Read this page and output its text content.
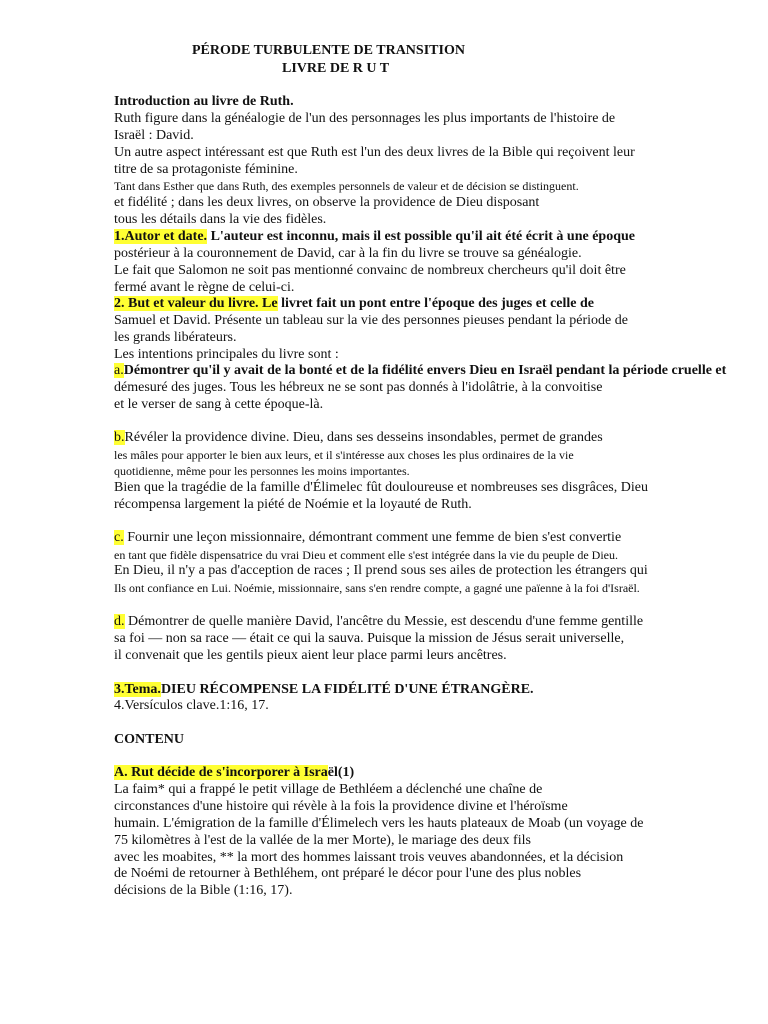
PÉRODE TURBULENTE DE TRANSITION
LIVRE DE R U T
Introduction au livre de Ruth.
Ruth figure dans la généalogie de l'un des personnages les plus importants de l'histoire de
Israël : David.
Un autre aspect intéressant est que Ruth est l'un des deux livres de la Bible qui reçoivent leur
titre de sa protagoniste féminine.
Tant dans Esther que dans Ruth, des exemples personnels de valeur et de décision se distinguent.
et fidélité ; dans les deux livres, on observe la providence de Dieu disposant
tous les détails dans la vie des fidèles.
1.Autor et date. L'auteur est inconnu, mais il est possible qu'il ait été écrit à une époque
postérieur à la couronnement de David, car à la fin du livre se trouve sa généalogie.
Le fait que Salomon ne soit pas mentionné convainc de nombreux chercheurs qu'il doit être
fermé avant le règne de celui-ci.
2. But et valeur du livre. Le livret fait un pont entre l'époque des juges et celle de
Samuel et David. Présente un tableau sur la vie des personnes pieuses pendant la période de
les grands libérateurs.
Les intentions principales du livre sont :
a.Démontrer qu'il y avait de la bonté et de la fidélité envers Dieu en Israël pendant la période cruelle et
démesuré des juges. Tous les hébreux ne se sont pas donnés à l'idolâtrie, à la convoitise
et le verser de sang à cette époque-là.
b.Révéler la providence divine. Dieu, dans ses desseins insondables, permet de grandes
les mâles pour apporter le bien aux leurs, et il s'intéresse aux choses les plus ordinaires de la vie
quotidienne, même pour les personnes les moins importantes.
Bien que la tragédie de la famille d'Élimelec fût douloureuse et nombreuses ses disgrâces, Dieu
récompensa largement la piété de Noémie et la loyauté de Ruth.
c. Fournir une leçon missionnaire, démontrant comment une femme de bien s'est convertie
en tant que fidèle dispensatrice du vrai Dieu et comment elle s'est intégrée dans la vie du peuple de Dieu.
En Dieu, il n'y a pas d'acception de races ; Il prend sous ses ailes de protection les étrangers qui
Ils ont confiance en Lui. Noémie, missionnaire, sans s'en rendre compte, a gagné une païenne à la foi d'Israël.
d. Démontrer de quelle manière David, l'ancêtre du Messie, est descendu d'une femme gentille
sa foi — non sa race — était ce qui la sauva. Puisque la mission de Jésus serait universelle,
il convenait que les gentils pieux aient leur place parmi leurs ancêtres.
3.Tema.DIEU RÉCOMPENSE LA FIDÉLITÉ D'UNE ÉTRANGÈRE.
4.Versículos clave.1:16, 17.
CONTENU
A. Rut décide de s'incorporer à Israël(1)
La faim* qui a frappé le petit village de Bethléem a déclenché une chaîne de
circonstances d'une histoire qui révèle à la fois la providence divine et l'héroïsme
humain. L'émigration de la famille d'Élimelech vers les hauts plateaux de Moab (un voyage de
75 kilomètres à l'est de la vallée de la mer Morte), le mariage des deux fils
avec les moabites, ** la mort des hommes laissant trois veuves abandonnées, et la décision
de Noémi de retourner à Bethléhem, ont préparé le décor pour l'une des plus nobles
décisions de la Bible (1:16, 17).
